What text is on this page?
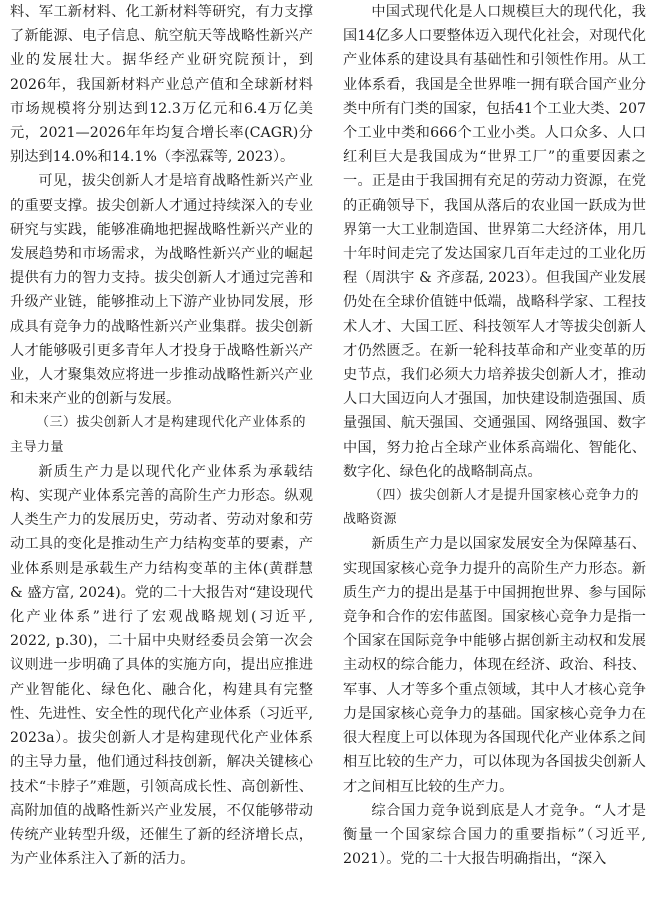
料、军工新材料、化工新材料等研究，有力支撑了新能源、电子信息、航空航天等战略性新兴产业的发展壮大。据华经产业研究院预计，到2026年，我国新材料产业总产值和全球新材料市场规模将分别达到12.3万亿元和6.4万亿美元，2021—2026年年均复合增长率(CAGR)分别达到14.0%和14.1%（李泓霖等, 2023）。

可见，拔尖创新人才是培育战略性新兴产业的重要支撑。拔尖创新人才通过持续深入的专业研究与实践，能够准确地把握战略性新兴产业的发展趋势和市场需求，为战略性新兴产业的崛起提供有力的智力支持。拔尖创新人才通过完善和升级产业链，能够推动上下游产业协同发展，形成具有竞争力的战略性新兴产业集群。拔尖创新人才能够吸引更多青年人才投身于战略性新兴产业，人才聚集效应将进一步推动战略性新兴产业和未来产业的创新与发展。

（三）拔尖创新人才是构建现代化产业体系的主导力量

新质生产力是以现代化产业体系为承载结构、实现产业体系完善的高阶生产力形态。纵观人类生产力的发展历史，劳动者、劳动对象和劳动工具的变化是推动生产力结构变革的要素，产业体系则是承载生产力结构变革的主体(黄群慧 & 盛方富, 2024)。党的二十大报告对“建设现代化产业体系”进行了宏观战略规划(习近平, 2022, p.30)，二十届中央财经委员会第一次会议则进一步明确了具体的实施方向，提出应推进产业智能化、绿色化、融合化，构建具有完整性、先进性、安全性的现代化产业体系（习近平, 2023a）。拔尖创新人才是构建现代化产业体系的主导力量，他们通过科技创新，解决关键核心技术“卡脖子”难题，引领高成长性、高创新性、高附加值的战略性新兴产业发展，不仅能够带动传统产业转型升级，还催生了新的经济增长点，为产业体系注入了新的活力。

中国式现代化是人口规模巨大的现代化，我国14亿多人口要整体迈入现代化社会，对现代化产业体系的建设具有基础性和引领性作用。从工业体系看，我国是全世界唯一拥有联合国产业分类中所有门类的国家，包括41个工业大类、207个工业中类和666个工业小类。人口众多、人口红利巨大是我国成为“世界工厂”的重要因素之一。正是由于我国拥有充足的劳动力资源，在党的正确领导下，我国从落后的农业国一跃成为世界第一大工业制造国、世界第二大经济体，用几十年时间走完了发达国家几百年走过的工业化历程（周洪宇 & 齐彦磊, 2023）。但我国产业发展仍处在全球价值链中低端，战略科学家、工程技术人才、大国工匠、科技领军人才等拔尖创新人才仍然匮乏。在新一轮科技革命和产业变革的历史节点，我们必须大力培养拔尖创新人才，推动人口大国迈向人才强国，加快建设制造强国、质量强国、航天强国、交通强国、网络强国、数字中国，努力抢占全球产业体系高端化、智能化、数字化、绿色化的战略制高点。

（四）拔尖创新人才是提升国家核心竞争力的战略资源

新质生产力是以国家发展安全为保障基石、实现国家核心竞争力提升的高阶生产力形态。新质生产力的提出是基于中国拥抱世界、参与国际竞争和合作的宏伟蓝图。国家核心竞争力是指一个国家在国际竞争中能够占据创新主动权和发展主动权的综合能力，体现在经济、政治、科技、军事、人才等多个重点领域，其中人才核心竞争力是国家核心竞争力的基础。国家核心竞争力在很大程度上可以体现为各国现代化产业体系之间相互比较的生产力，可以体现为各国拔尖创新人才之间相互比较的生产力。

综合国力竞争说到底是人才竞争。“人才是衡量一个国家综合国力的重要指标”（习近平, 2021）。党的二十大报告明确指出，“深入
